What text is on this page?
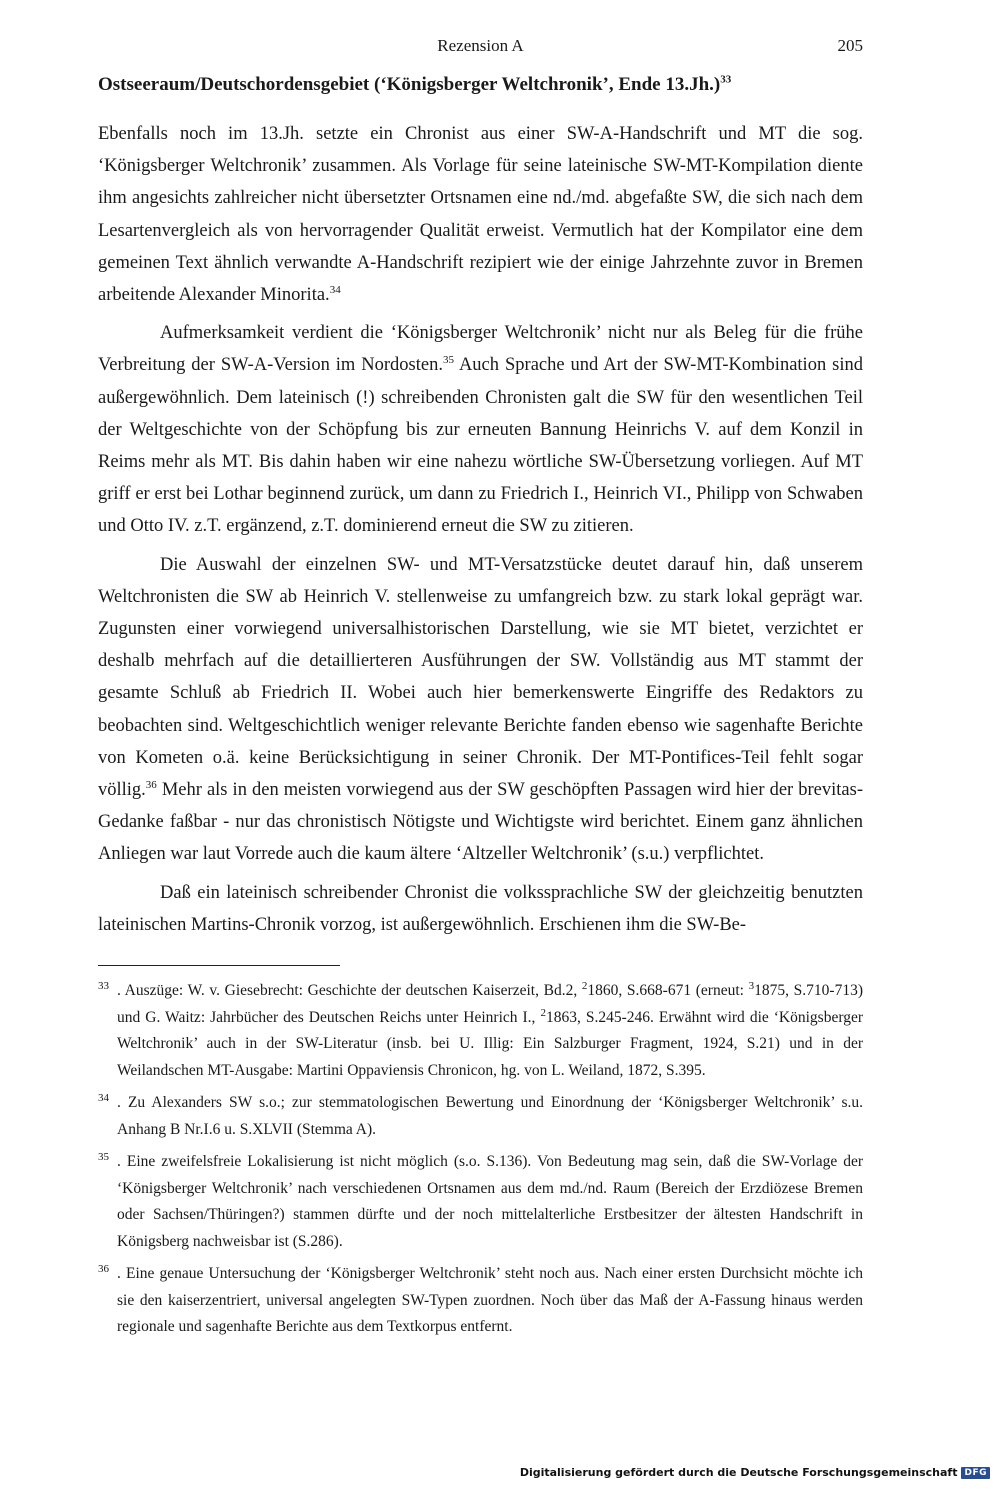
Rezension A	205
Ostseeraum/Deutschordensgebiet (‘Königsberger Weltchronik’, Ende 13.Jh.)$^{33}$

Ebenfalls noch im 13.Jh. setzte ein Chronist aus einer SW-A-Handschrift und MT die sog. ‘Königsberger Weltchronik’ zusammen. Als Vorlage für seine lateinische SW-MT-Kompilation diente ihm angesichts zahlreicher nicht übersetzter Ortsnamen eine nd./md. abgefaßte SW, die sich nach dem Lesartenvergleich als von hervorragender Qualität erweist. Vermutlich hat der Kompilator eine dem gemeinen Text ähnlich verwandte A-Handschrift rezipiert wie der einige Jahrzehnte zuvor in Bremen arbeitende Alexander Minorita.$^{34}$

Aufmerksamkeit verdient die ‘Königsberger Weltchronik’ nicht nur als Beleg für die frühe Verbreitung der SW-A-Version im Nordosten.$^{35}$ Auch Sprache und Art der SW-MT-Kombination sind außergewöhnlich. Dem lateinisch (!) schreibenden Chronisten galt die SW für den wesentlichen Teil der Weltgeschichte von der Schöpfung bis zur erneuten Bannung Heinrichs V. auf dem Konzil in Reims mehr als MT. Bis dahin haben wir eine nahezu wörtliche SW-Übersetzung vorliegen. Auf MT griff er erst bei Lothar beginnend zurück, um dann zu Friedrich I., Heinrich VI., Philipp von Schwaben und Otto IV. z.T. ergänzend, z.T. dominierend erneut die SW zu zitieren.

Die Auswahl der einzelnen SW- und MT-Versatzstücke deutet darauf hin, daß unserem Weltchronisten die SW ab Heinrich V. stellenweise zu umfangreich bzw. zu stark lokal geprägt war. Zugunsten einer vorwiegend universalhistorischen Darstellung, wie sie MT bietet, verzichtet er deshalb mehrfach auf die detaillierteren Ausführungen der SW. Vollständig aus MT stammt der gesamte Schluß ab Friedrich II. Wobei auch hier bemerkenswerte Eingriffe des Redaktors zu beobachten sind. Weltgeschichtlich weniger relevante Berichte fanden ebenso wie sagenhafte Berichte von Kometen o.ä. keine Berücksichtigung in seiner Chronik. Der MT-Pontifices-Teil fehlt sogar völlig.$^{36}$ Mehr als in den meisten vorwiegend aus der SW geschöpften Passagen wird hier der brevitas-Gedanke faßbar - nur das chronistisch Nötigste und Wichtigste wird berichtet. Einem ganz ähnlichen Anliegen war laut Vorrede auch die kaum ältere ‘Altzeller Weltchronik’ (s.u.) verpflichtet.

Daß ein lateinisch schreibender Chronist die volkssprachliche SW der gleichzeitig benutzten lateinischen Martins-Chronik vorzog, ist außergewöhnlich. Erschienen ihm die SW-Be-

33 . Auszüge: W. v. Giesebrecht: Geschichte der deutschen Kaiserzeit, Bd.2, $^2$1860, S.668-671 (erneut: $^3$1875, S.710-713) und G. Waitz: Jahrbücher des Deutschen Reichs unter Heinrich I., $^2$1863, S.245-246. Erwähnt wird die ‘Königsberger Weltchronik’ auch in der SW-Literatur (insb. bei U. Illig: Ein Salzburger Fragment, 1924, S.21) und in der Weilandschen MT-Ausgabe: Martini Oppaviensis Chronicon, hg. von L. Weiland, 1872, S.395.

34 . Zu Alexanders SW s.o.; zur stemmatologischen Bewertung und Einordnung der ‘Königsberger Weltchronik’ s.u. Anhang B Nr.I.6 u. S.XLVII (Stemma A).

35 . Eine zweifelsfreie Lokalisierung ist nicht möglich (s.o. S.136). Von Bedeutung mag sein, daß die SW-Vorlage der ‘Königsberger Weltchronik’ nach verschiedenen Ortsnamen aus dem md./nd. Raum (Bereich der Erzdiözese Bremen oder Sachsen/Thüringen?) stammen dürfte und der noch mittelalterliche Erstbesitzer der ältesten Handschrift in Königsberg nachweisbar ist (S.286).

36 . Eine genaue Untersuchung der ‘Königsberger Weltchronik’ steht noch aus. Nach einer ersten Durchsicht möchte ich sie den kaiserzentriert, universal angelegten SW-Typen zuordnen. Noch über das Maß der A-Fassung hinaus werden regionale und sagenhafte Berichte aus dem Textkorpus entfernt.

Digitalisierung gefördert durch die Deutsche Forschungsgemeinschaft DFG
